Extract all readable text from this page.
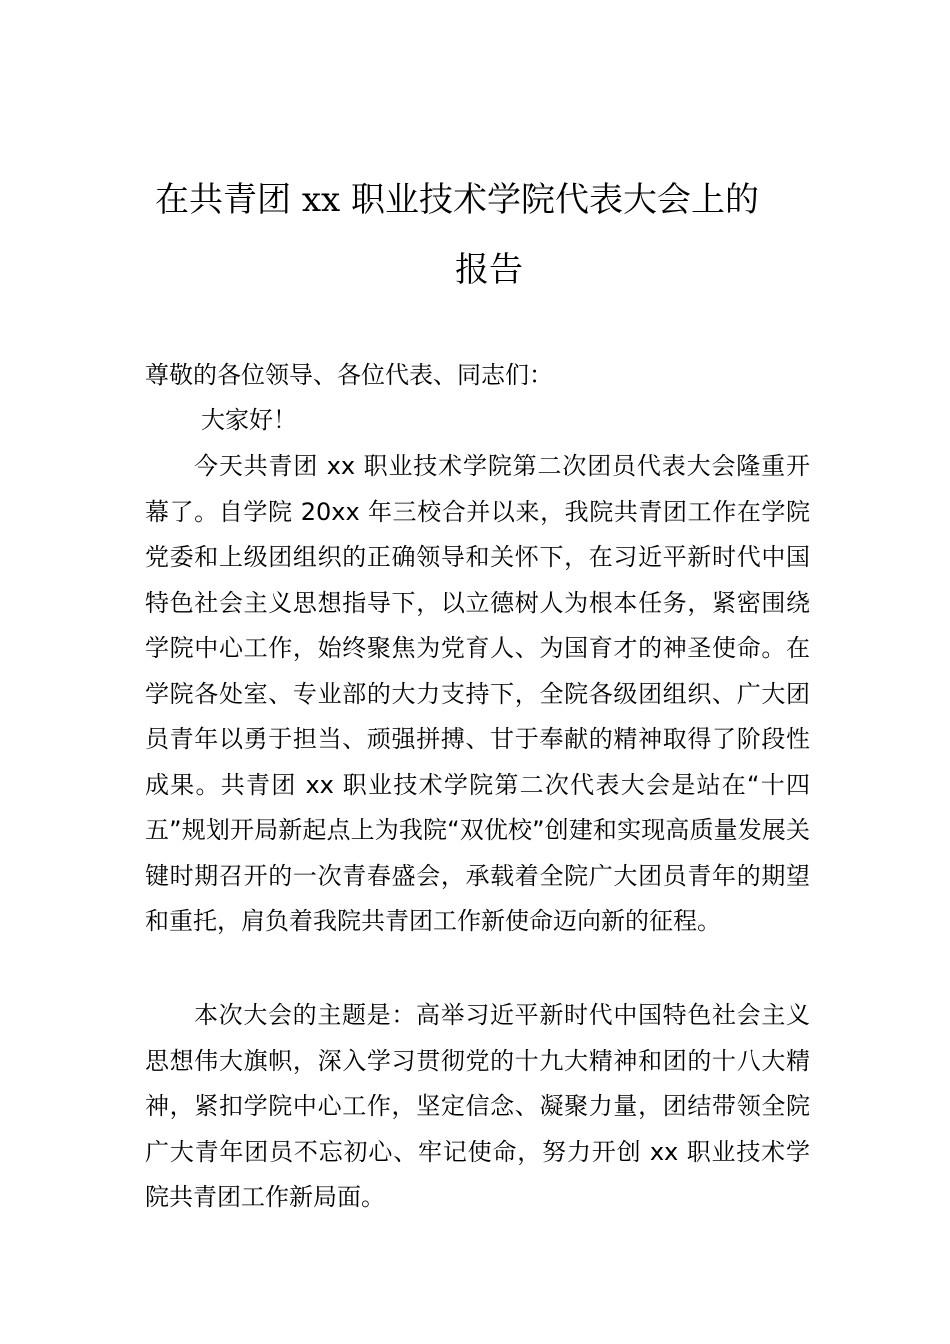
在共青团 xx 职业技术学院代表大会上的
报告
尊敬的各位领导、各位代表、同志们：
大家好！
今天共青团 xx 职业技术学院第二次团员代表大会隆重开幕了。自学院 20xx 年三校合并以来，我院共青团工作在学院党委和上级团组织的正确领导和关怀下，在习近平新时代中国特色社会主义思想指导下，以立德树人为根本任务，紧密围绕学院中心工作，始终聚焦为党育人、为国育才的神圣使命。在学院各处室、专业部的大力支持下，全院各级团组织、广大团员青年以勇于担当、顽强拼搏、甘于奉献的精神取得了阶段性成果。共青团 xx 职业技术学院第二次代表大会是站在“十四五”规划开局新起点上为我院“双优校”创建和实现高质量发展关键时期召开的一次青春盛会，承载着全院广大团员青年的期望和重托，肩负着我院共青团工作新使命迈向新的征程。
本次大会的主题是：高举习近平新时代中国特色社会主义思想伟大旗帜，深入学习贯彻党的十九大精神和团的十八大精神，紧扣学院中心工作，坚定信念、凝聚力量，团结带领全院广大青年团员不忘初心、牢记使命，努力开创 xx 职业技术学院共青团工作新局面。
